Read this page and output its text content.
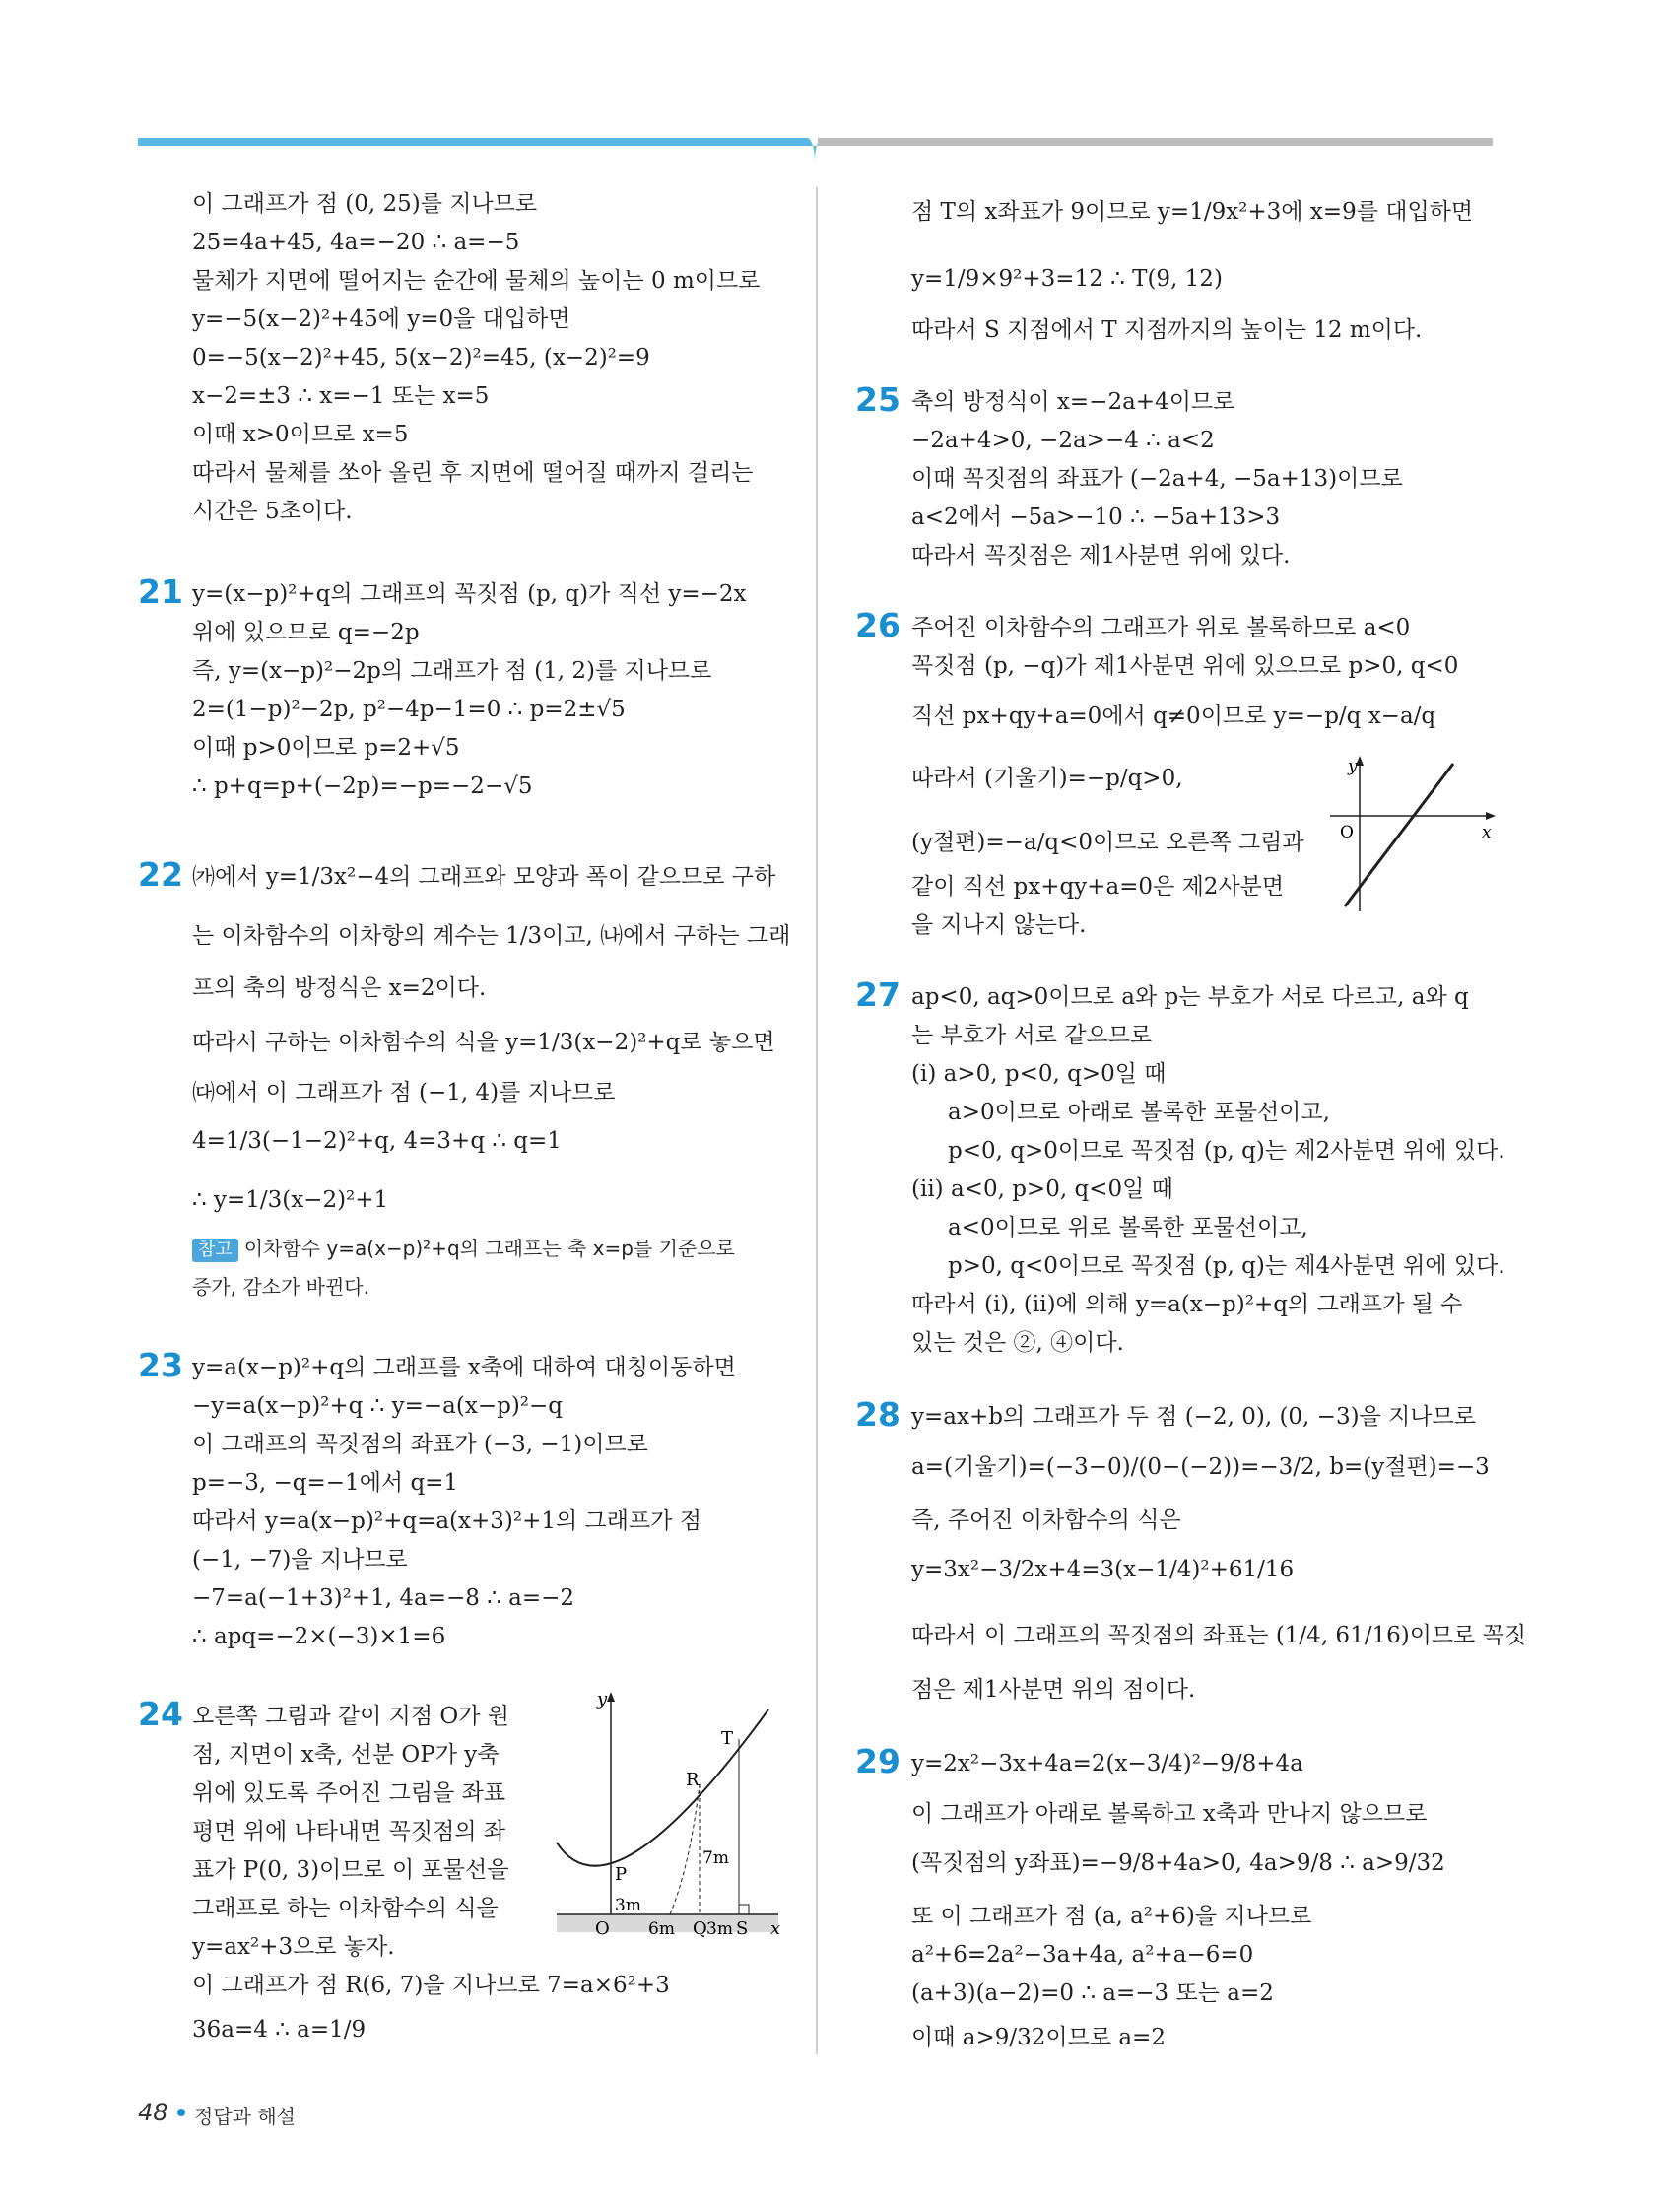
이 그래프가 점 (0, 25)를 지나므로
25=4a+45, 4a=−20 ∴ a=−5
물체가 지면에 떨어지는 순간에 물체의 높이는 0 m이므로
y=−5(x−2)²+45에 y=0을 대입하면
0=−5(x−2)²+45, 5(x−2)²=45, (x−2)²=9
x−2=±3 ∴ x=−1 또는 x=5
이때 x>0이므로 x=5
따라서 물체를 쏘아 올린 후 지면에 떨어질 때까지 걸리는
시간은 5초이다.
21 y=(x−p)²+q의 그래프의 꼭짓점 (p, q)가 직선 y=−2x
위에 있으므로 q=−2p
즉, y=(x−p)²−2p의 그래프가 점 (1, 2)를 지나므로
2=(1−p)²−2p, p²−4p−1=0 ∴ p=2±√5
이때 p>0이므로 p=2+√5
∴ p+q=p+(−2p)=−p=−2−√5
22 ㈎에서 y=1/3x²−4의 그래프와 모양과 폭이 같으므로 구하
는 이차함수의 이차항의 계수는 1/3이고, ㈏에서 구하는 그래
프의 축의 방정식은 x=2이다.
따라서 구하는 이차함수의 식을 y=1/3(x−2)²+q로 놓으면
㈐에서 이 그래프가 점 (−1, 4)를 지나므로
4=1/3(−1−2)²+q, 4=3+q ∴ q=1
∴ y=1/3(x−2)²+1
참고 이차함수 y=a(x−p)²+q의 그래프는 축 x=p를 기준으로
증가, 감소가 바뀐다.
23 y=a(x−p)²+q의 그래프를 x축에 대하여 대칭이동하면
−y=a(x−p)²+q ∴ y=−a(x−p)²−q
이 그래프의 꼭짓점의 좌표가 (−3, −1)이므로
p=−3, −q=−1에서 q=1
따라서 y=a(x−p)²+q=a(x+3)²+1의 그래프가 점
(−1, −7)을 지나므로
−7=a(−1+3)²+1, 4a=−8 ∴ a=−2
∴ apq=−2×(−3)×1=6
24 오른쪽 그림과 같이 지점 O가 원
점, 지면이 x축, 선분 OP가 y축
위에 있도록 주어진 그림을 좌표
평면 위에 나타내면 꼭짓점의 좌
표가 P(0, 3)이므로 이 포물선을
그래프로 하는 이차함수의 식을
y=ax²+3으로 놓자.
이 그래프가 점 R(6, 7)을 지나므로 7=a×6²+3
36a=4 ∴ a=1/9
y
x
O
P
Q
R
S
T
3m
6m 3m
7m
점 T의 x좌표가 9이므로 y=1/9x²+3에 x=9를 대입하면
y=1/9×9²+3=12 ∴ T(9, 12)
따라서 S 지점에서 T 지점까지의 높이는 12 m이다.
25 축의 방정식이 x=−2a+4이므로
−2a+4>0, −2a>−4 ∴ a<2
이때 꼭짓점의 좌표가 (−2a+4, −5a+13)이므로
a<2에서 −5a>−10 ∴ −5a+13>3
따라서 꼭짓점은 제1사분면 위에 있다.
26 주어진 이차함수의 그래프가 위로 볼록하므로 a<0
꼭짓점 (p, −q)가 제1사분면 위에 있으므로 p>0, q<0
직선 px+qy+a=0에서 q≠0이므로 y=−p/q x−a/q
따라서 (기울기)=−p/q>0,
(y절편)=−a/q<0이므로 오른쪽 그림과
같이 직선 px+qy+a=0은 제2사분면
을 지나지 않는다.
y
x
O
27 ap<0, aq>0이므로 a와 p는 부호가 서로 다르고, a와 q
는 부호가 서로 같으므로
(ⅰ) a>0, p<0, q>0일 때
a>0이므로 아래로 볼록한 포물선이고,
p<0, q>0이므로 꼭짓점 (p, q)는 제2사분면 위에 있다.
(ⅱ) a<0, p>0, q<0일 때
a<0이므로 위로 볼록한 포물선이고,
p>0, q<0이므로 꼭짓점 (p, q)는 제4사분면 위에 있다.
따라서 (ⅰ), (ⅱ)에 의해 y=a(x−p)²+q의 그래프가 될 수
있는 것은 ②, ④이다.
28 y=ax+b의 그래프가 두 점 (−2, 0), (0, −3)을 지나므로
a=(기울기)=(−3−0)/(0−(−2))=−3/2, b=(y절편)=−3
즉, 주어진 이차함수의 식은
y=3x²−3/2x+4=3(x−1/4)²+61/16
따라서 이 그래프의 꼭짓점의 좌표는 (1/4, 61/16)이므로 꼭짓
점은 제1사분면 위의 점이다.
29 y=2x²−3x+4a=2(x−3/4)²−9/8+4a
이 그래프가 아래로 볼록하고 x축과 만나지 않으므로
(꼭짓점의 y좌표)=−9/8+4a>0, 4a>9/8 ∴ a>9/32
또 이 그래프가 점 (a, a²+6)을 지나므로
a²+6=2a²−3a+4a, a²+a−6=0
(a+3)(a−2)=0 ∴ a=−3 또는 a=2
이때 a>9/32이므로 a=2
48 정답과 해설
